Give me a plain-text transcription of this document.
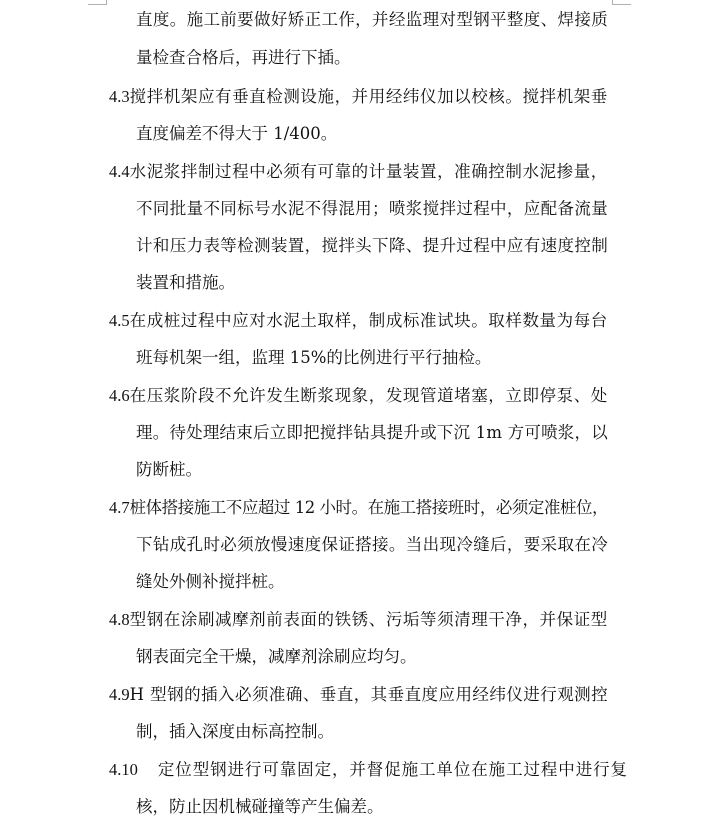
直度。施工前要做好矫正工作，并经监理对型钢平整度、焊接质
量检查合格后，再进行下插。
4.3搅拌机架应有垂直检测设施，并用经纬仪加以校核。搅拌机架垂
直度偏差不得大于 1/400。
4.4水泥浆拌制过程中必须有可靠的计量装置，准确控制水泥掺量，
不同批量不同标号水泥不得混用；喷浆搅拌过程中，应配备流量
计和压力表等检测装置，搅拌头下降、提升过程中应有速度控制
装置和措施。
4.5在成桩过程中应对水泥土取样，制成标准试块。取样数量为每台
班每机架一组，监理 15%的比例进行平行抽检。
4.6在压浆阶段不允许发生断浆现象，发现管道堵塞，立即停泵、处
理。待处理结束后立即把搅拌钻具提升或下沉 1m 方可喷浆，以
防断桩。
4.7桩体搭接施工不应超过 12 小时。在施工搭接班时，必须定准桩位，
下钻成孔时必须放慢速度保证搭接。当出现冷缝后，要采取在冷
缝处外侧补搅拌桩。
4.8型钢在涂刷减摩剂前表面的铁锈、污垢等须清理干净，并保证型
钢表面完全干燥，减摩剂涂刷应均匀。
4.9H 型钢的插入必须准确、垂直，其垂直度应用经纬仪进行观测控
制，插入深度由标高控制。
4.10 定位型钢进行可靠固定，并督促施工单位在施工过程中进行复
核，防止因机械碰撞等产生偏差。
